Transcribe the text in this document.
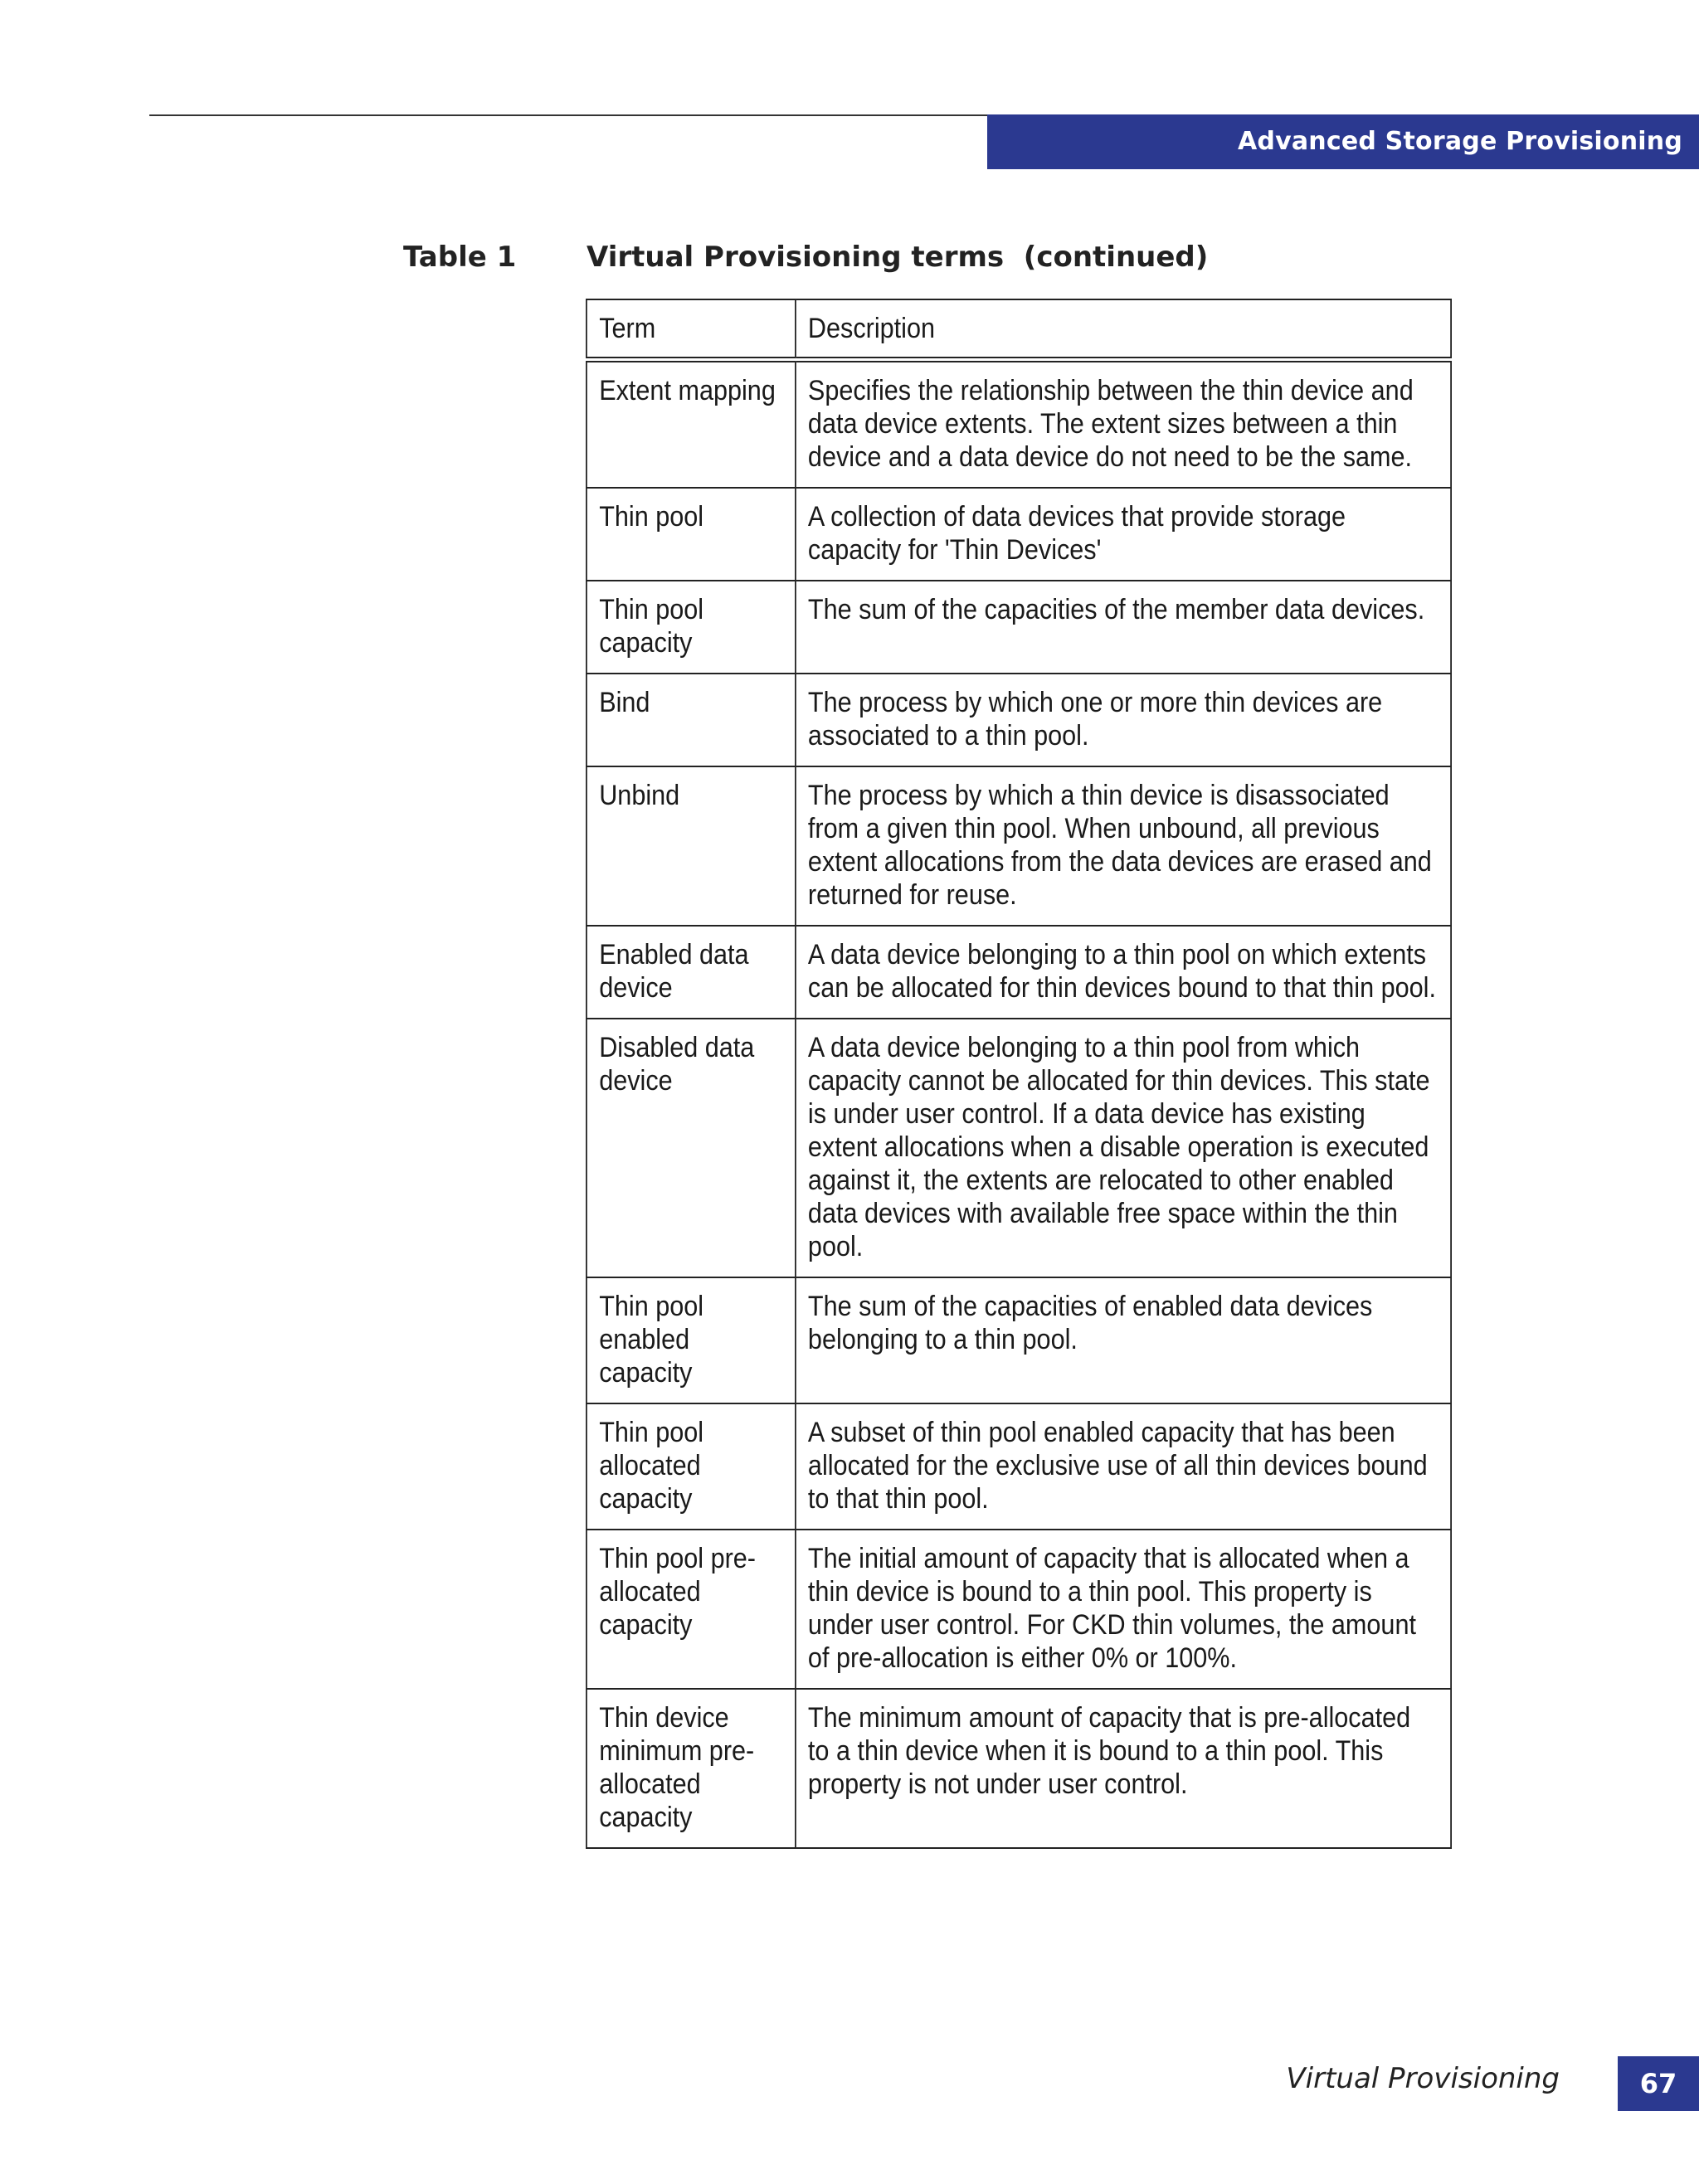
Advanced Storage Provisioning
Table 1 Virtual Provisioning terms  (continued)
Term	Description
Extent mapping	Specifies the relationship between the thin device and data device extents. The extent sizes between a thin device and a data device do not need to be the same.
Thin pool	A collection of data devices that provide storage capacity for 'Thin Devices'
Thin pool capacity	The sum of the capacities of the member data devices.
Bind	The process by which one or more thin devices are associated to a thin pool.
Unbind	The process by which a thin device is disassociated from a given thin pool. When unbound, all previous extent allocations from the data devices are erased and returned for reuse.
Enabled data device	A data device belonging to a thin pool on which extents can be allocated for thin devices bound to that thin pool.
Disabled data device	A data device belonging to a thin pool from which capacity cannot be allocated for thin devices. This state is under user control. If a data device has existing extent allocations when a disable operation is executed against it, the extents are relocated to other enabled data devices with available free space within the thin pool.
Thin pool enabled capacity	The sum of the capacities of enabled data devices belonging to a thin pool.
Thin pool allocated capacity	A subset of thin pool enabled capacity that has been allocated for the exclusive use of all thin devices bound to that thin pool.
Thin pool pre-allocated capacity	The initial amount of capacity that is allocated when a thin device is bound to a thin pool. This property is under user control. For CKD thin volumes, the amount of pre-allocation is either 0% or 100%.
Thin device minimum pre-allocated capacity	The minimum amount of capacity that is pre-allocated to a thin device when it is bound to a thin pool. This property is not under user control.
Virtual Provisioning	67
